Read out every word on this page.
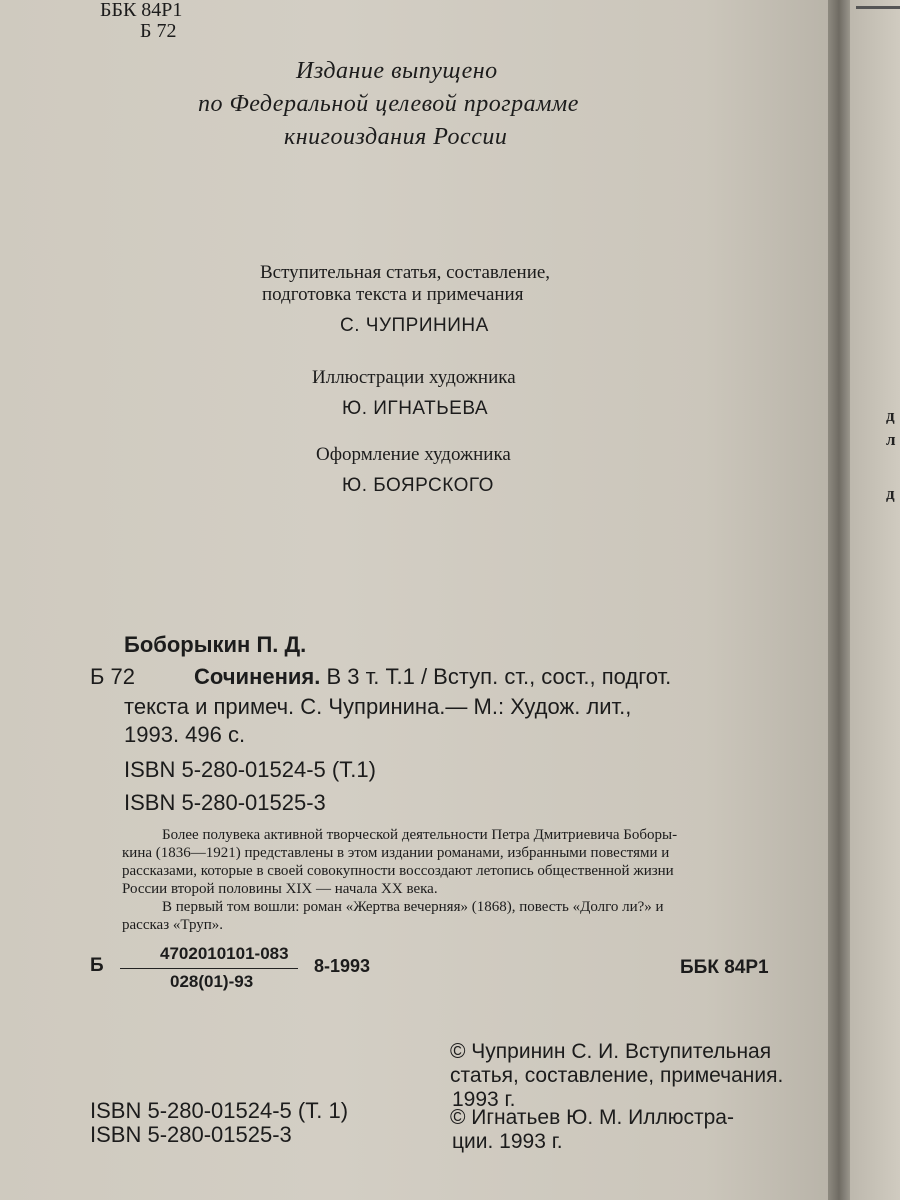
ББК 84Р1
Б 72
Издание выпущено
по Федеральной целевой программе
книгоиздания России
Вступительная статья, составление,
подготовка текста и примечания
С. ЧУПРИНИНА
Иллюстрации художника
Ю. ИГНАТЬЕВА
Оформление художника
Ю. БОЯРСКОГО
Боборыкин П. Д.
Б 72	Сочинения. В 3 т. Т.1 / Вступ. ст., сост., подгот.
текста и примеч. С. Чупринина.— М.: Худож. лит.,
1993. 496 с.
ISBN 5-280-01524-5 (Т.1)
ISBN 5-280-01525-3
Более полувека активной творческой деятельности Петра Дмитриевича Боборы-
кина (1836—1921) представлены в этом издании романами, избранными повестями и
рассказами, которые в своей совокупности воссоздают летопись общественной жизни
России второй половины XIX — начала XX века.
В первый том вошли: роман «Жертва вечерняя» (1868), повесть «Долго ли?» и
рассказ «Труп».
Б
4702010101-083
028(01)-93
8-1993	ББК 84Р1
ISBN 5-280-01524-5 (Т. 1)
ISBN 5-280-01525-3
© Чупринин С. И. Вступительная
статья, составление, примечания.
1993 г.
© Игнатьев Ю. М. Иллюстра-
ции. 1993 г.
д
л
д
